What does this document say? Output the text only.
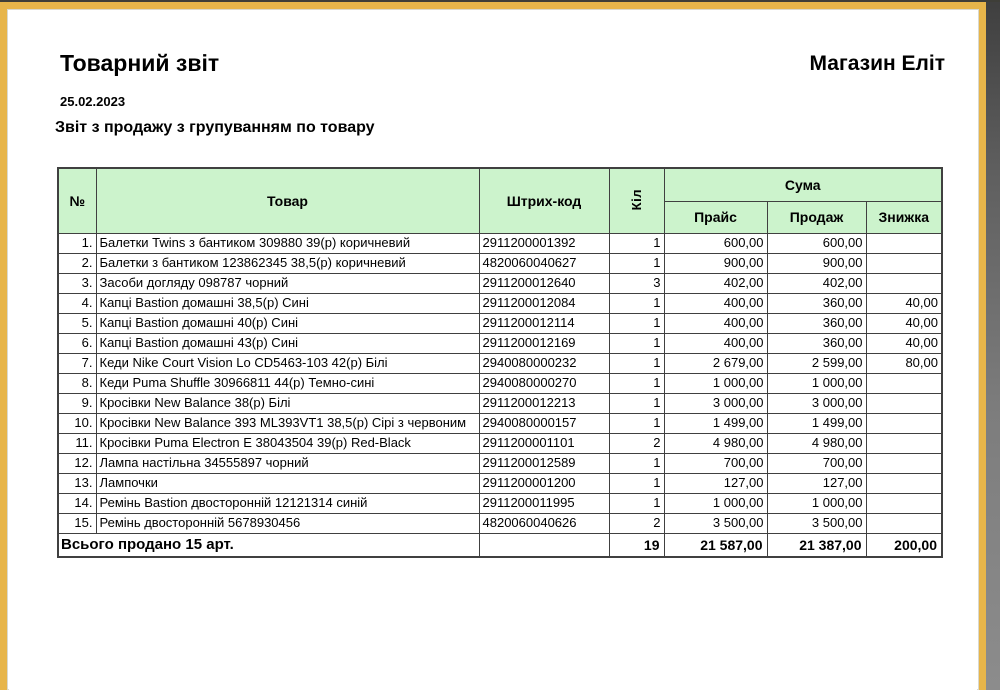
Товарний звіт	Магазин Еліт
25.02.2023
Звіт з продажу з групуванням по товару
№	Товар	Штрих-код	Кіл	Сума		
				Прайс	Продаж	Знижка
1.	Балетки Twins з бантиком 309880 39(р) коричневий	2911200001392	1	600,00	600,00	
2.	Балетки з бантиком 123862345 38,5(р) коричневий	4820060040627	1	900,00	900,00	
3.	Засоби догляду 098787 чорний	2911200012640	3	402,00	402,00	
4.	Капці Bastion домашні 38,5(р) Сині	2911200012084	1	400,00	360,00	40,00
5.	Капці Bastion домашні 40(р) Сині	2911200012114	1	400,00	360,00	40,00
6.	Капці Bastion домашні 43(р) Сині	2911200012169	1	400,00	360,00	40,00
7.	Кеди Nike Court Vision Lo CD5463-103 42(р) Білі	2940080000232	1	2 679,00	2 599,00	80,00
8.	Кеди Puma Shuffle 30966811 44(р) Темно-сині	2940080000270	1	1 000,00	1 000,00	
9.	Кросівки New Balance 38(р) Білі	2911200012213	1	3 000,00	3 000,00	
10.	Кросівки New Balance 393 ML393VT1 38,5(р) Сірі з червоним	2940080000157	1	1 499,00	1 499,00	
11.	Кросівки Puma Electron E 38043504 39(р) Red-Black	2911200001101	2	4 980,00	4 980,00	
12.	Лампа настільна 34555897 чорний	2911200012589	1	700,00	700,00	
13.	Лампочки	2911200001200	1	127,00	127,00	
14.	Ремінь Bastion двосторонній 12121314 синій	2911200011995	1	1 000,00	1 000,00	
15.	Ремінь двосторонній 5678930456	4820060040626	2	3 500,00	3 500,00	
Всього продано 15 арт.			19	21 587,00	21 387,00	200,00
